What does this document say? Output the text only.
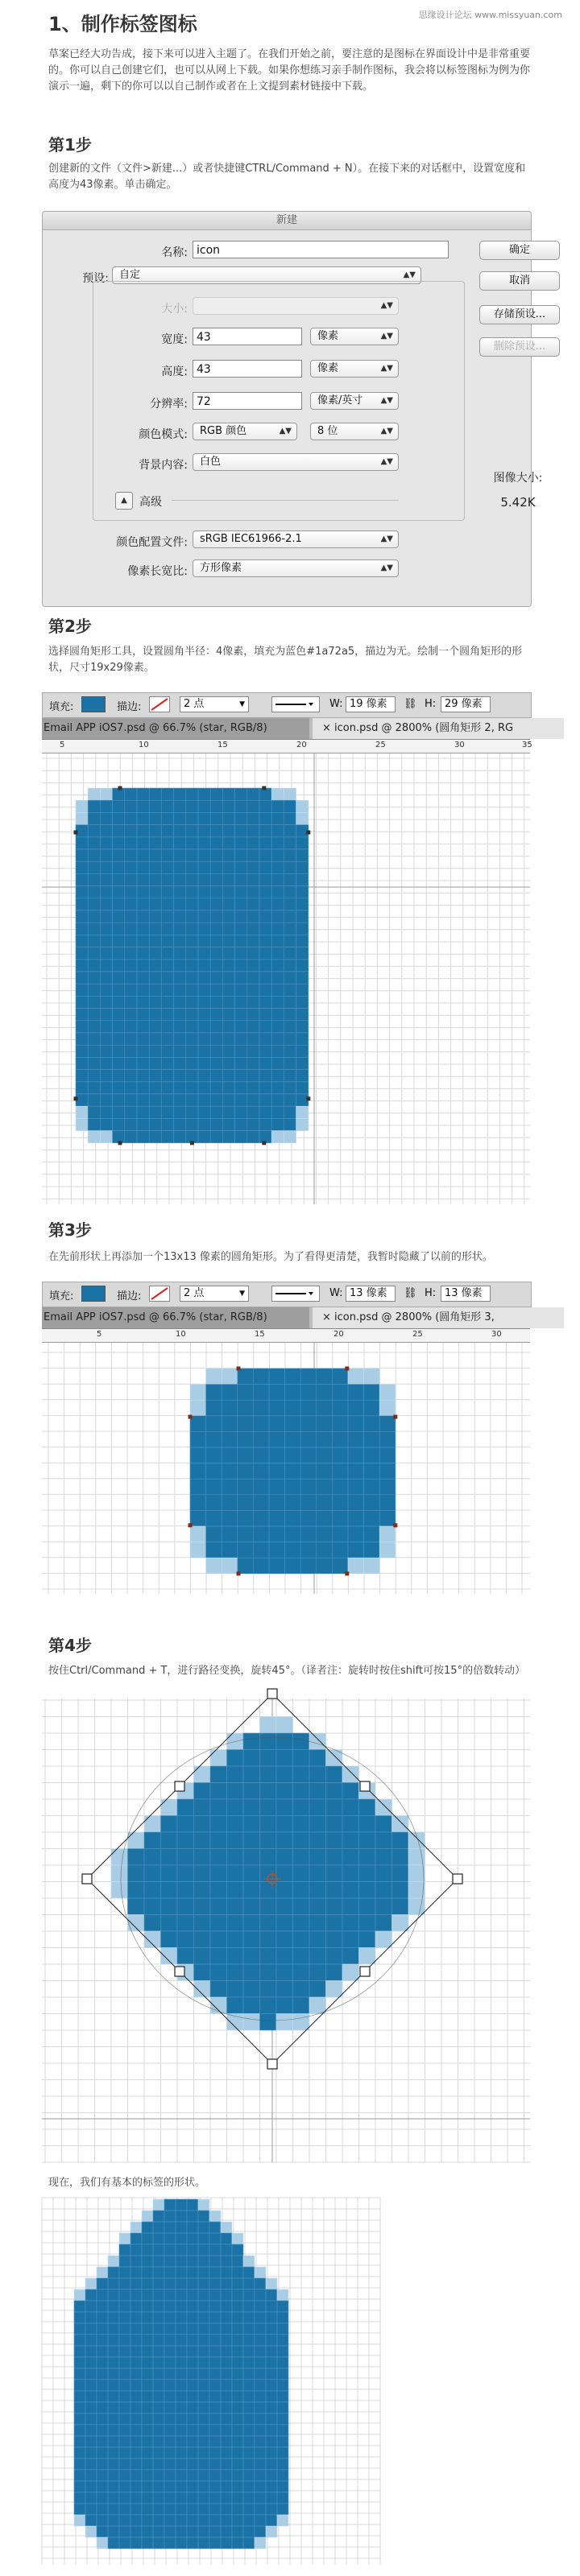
思缘设计论坛 www.missyuan.com
1、制作标签图标

草案已经大功告成，接下来可以进入主题了。在我们开始之前，要注意的是图标在界面设计中是非常重要的。你可以自己创建它们，也可以从网上下载。如果你想练习亲手制作图标，我会将以标签图标为例为你演示一遍，剩下的你可以以自己制作或者在上文提到素材链接中下载。

第1步

创建新的文件（文件>新建...）或者快捷键CTRL/Command + N）。在接下来的对话框中，设置宽度和高度为43像素。单击确定。

新建
名称: icon
预设:	自定	▲▼
大小:	▲▼
宽度: 43	像素	▲▼
高度: 43	像素	▲▼
分辨率: 72	像素/英寸 ▲▼
颜色模式:	RGB 颜色	▲▼	8 位	▲▼
背景内容:	白色	▲▼
▲	高级
颜色配置文件:	sRGB IEC61966-2.1	▲▼
像素长宽比:	方形像素	▲▼
确定
取消
存储预设...
删除预设...
图像大小:
5.42K
第2步

选择圆角矩形工具，设置圆角半径：4像素，填充为蓝色#1a72a5，描边为无。绘制一个圆角矩形的形状，尺寸19x29像素。

填充:	描边:	2 点	▼	W: 19 像素	⛓ H: 29 像素
Email APP iOS7.psd @ 66.7% (star, RGB/8)	× icon.psd @ 2800% (圆角矩形 2, RG
5	10	15	20	25	30	35
第3步

在先前形状上再添加一个13x13 像素的圆角矩形。为了看得更清楚，我暂时隐藏了以前的形状。

填充:	描边:	2 点	▼	W: 13 像素	⛓ H: 13 像素
Email APP iOS7.psd @ 66.7% (star, RGB/8)	× icon.psd @ 2800% (圆角矩形 3,
5	10	15	20	25	30
第4步

按住Ctrl/Command + T，进行路径变换，旋转45°。（译者注：旋转时按住shift可按15°的倍数转动）

现在，我们有基本的标签的形状。
